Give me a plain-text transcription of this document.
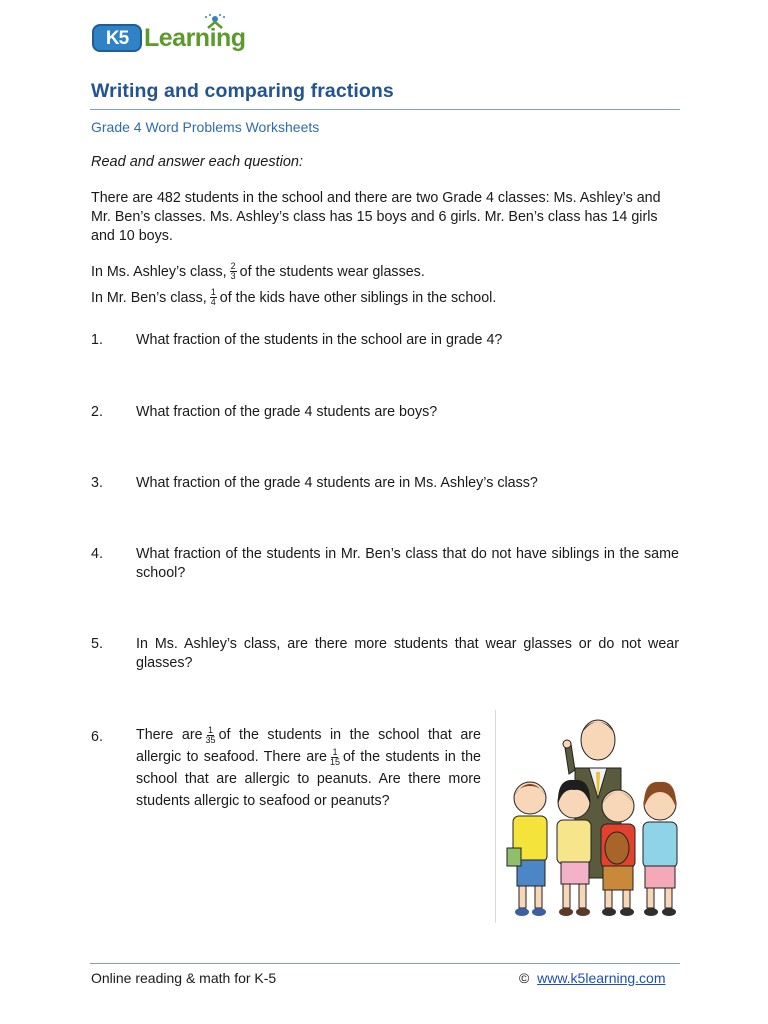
K5 Learning
Writing and comparing fractions
Grade 4 Word Problems Worksheets
Read and answer each question:
There are 482 students in the school and there are two Grade 4 classes: Ms. Ashley’s and Mr. Ben’s classes. Ms. Ashley’s class has 15 boys and 6 girls. Mr. Ben’s class has 14 girls and 10 boys.
In Ms. Ashley’s class, $\frac{2}{3}$ of the students wear glasses.
In Mr. Ben’s class, $\frac{1}{4}$ of the kids have other siblings in the school.
1. What fraction of the students in the school are in grade 4?
2. What fraction of the grade 4 students are boys?
3. What fraction of the grade 4 students are in Ms. Ashley’s class?
4. What fraction of the students in Mr. Ben’s class that do not have siblings in the same school?
5. In Ms. Ashley’s class, are there more students that wear glasses or do not wear glasses?
6. There are $\frac{1}{35}$ of the students in the school that are allergic to seafood. There are $\frac{1}{15}$ of the students in the school that are allergic to peanuts. Are there more students allergic to seafood or peanuts?
Online reading & math for K-5	© www.k5learning.com
